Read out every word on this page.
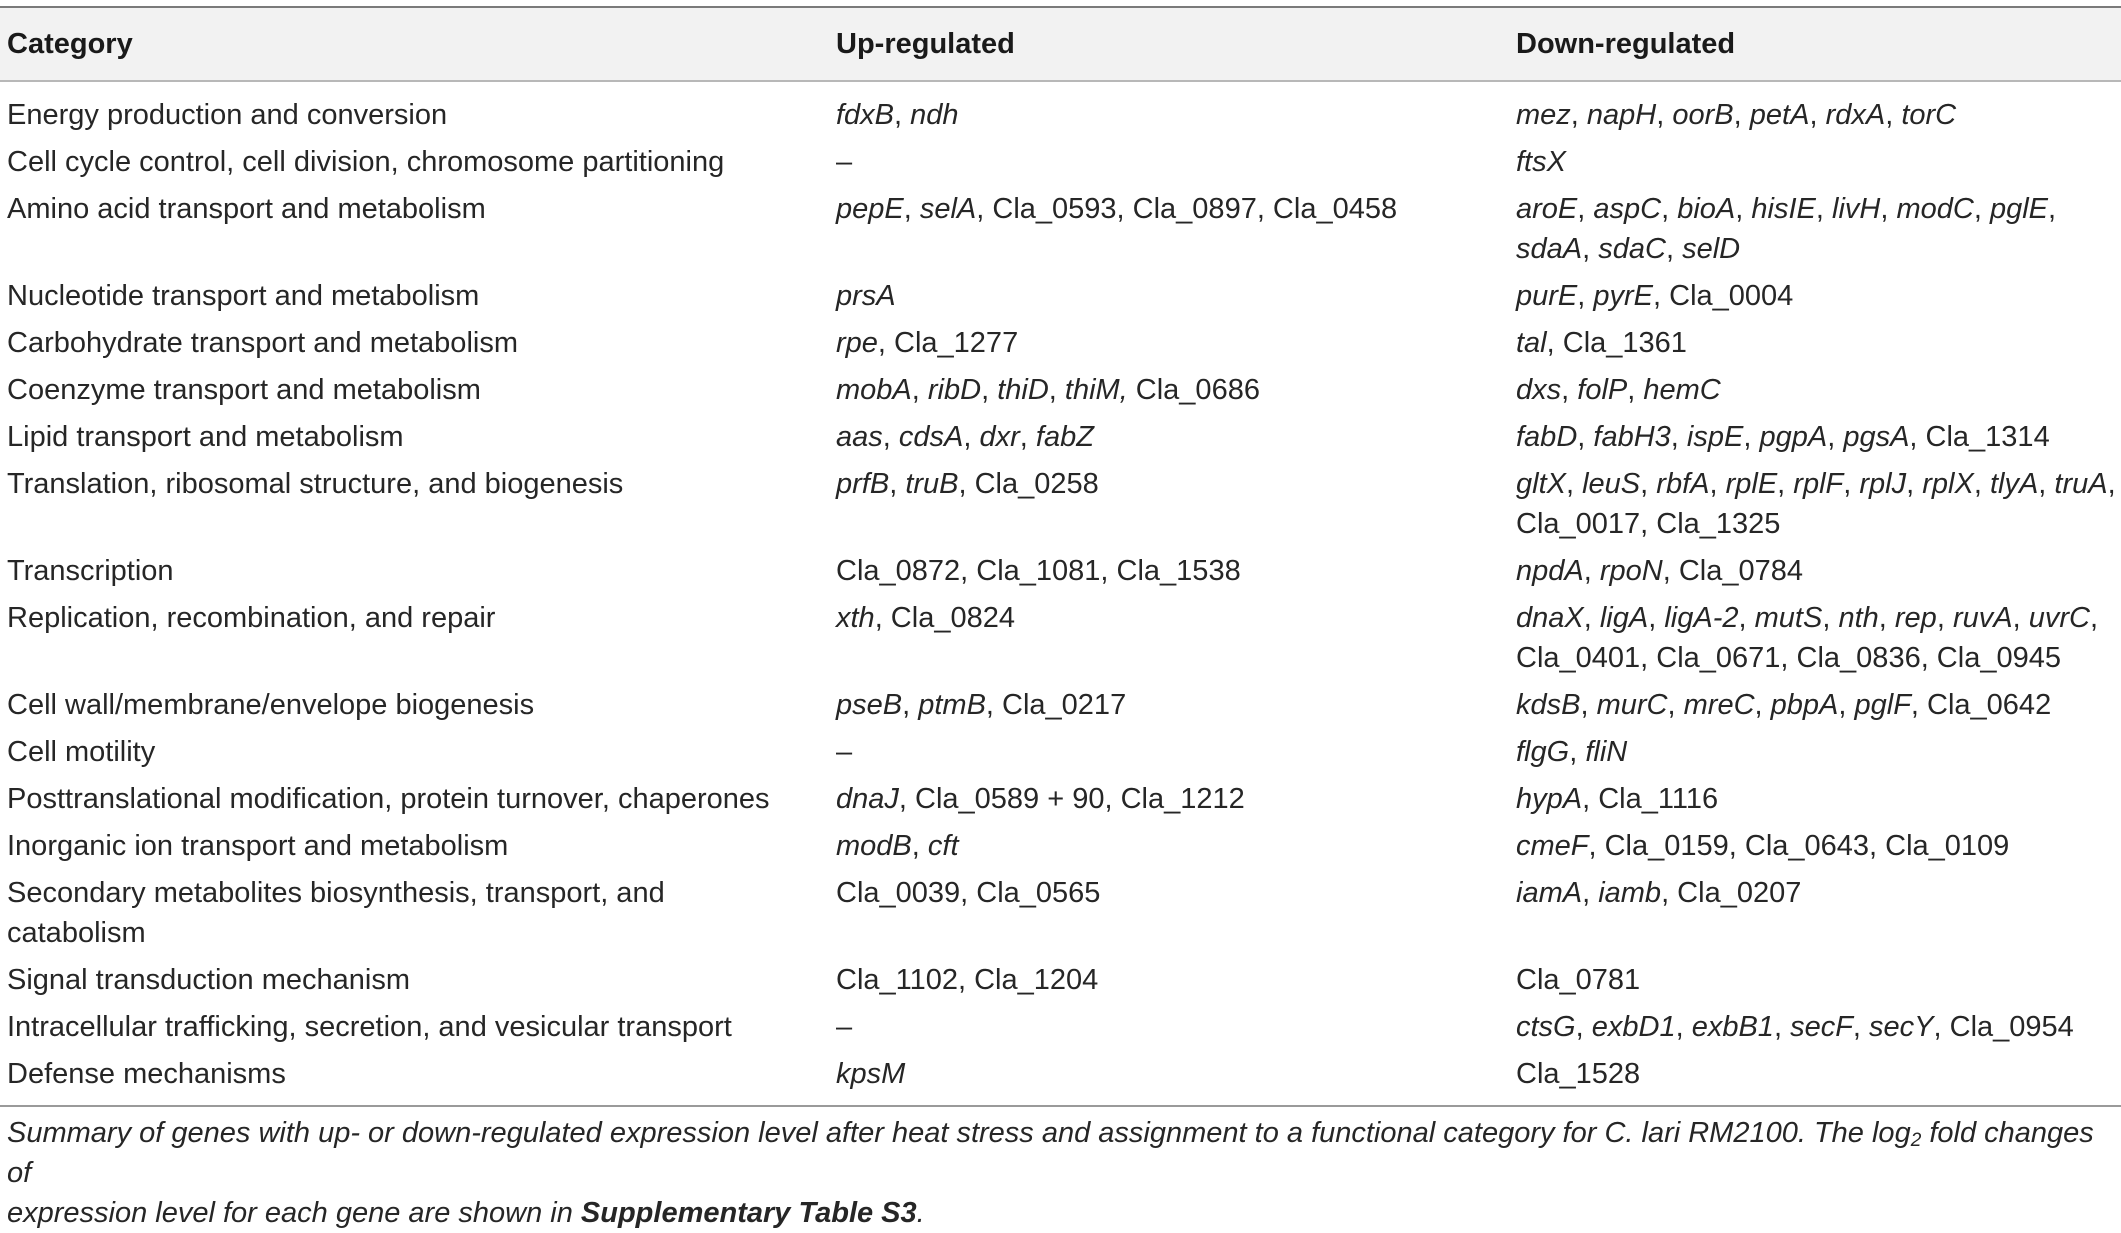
Category	Up-regulated	Down-regulated
Energy production and conversion	fdxB, ndh	mez, napH, oorB, petA, rdxA, torC
Cell cycle control, cell division, chromosome partitioning	–	ftsX
Amino acid transport and metabolism	pepE, selA, Cla_0593, Cla_0897, Cla_0458	aroE, aspC, bioA, hisIE, livH, modC, pglE,
sdaA, sdaC, selD
Nucleotide transport and metabolism	prsA	purE, pyrE, Cla_0004
Carbohydrate transport and metabolism	rpe, Cla_1277	tal, Cla_1361
Coenzyme transport and metabolism	mobA, ribD, thiD, thiM, Cla_0686	dxs, folP, hemC
Lipid transport and metabolism	aas, cdsA, dxr, fabZ	fabD, fabH3, ispE, pgpA, pgsA, Cla_1314
Translation, ribosomal structure, and biogenesis	prfB, truB, Cla_0258	gltX, leuS, rbfA, rplE, rplF, rplJ, rplX, tlyA, truA,
Cla_0017, Cla_1325
Transcription	Cla_0872, Cla_1081, Cla_1538	npdA, rpoN, Cla_0784
Replication, recombination, and repair	xth, Cla_0824	dnaX, ligA, ligA-2, mutS, nth, rep, ruvA, uvrC,
Cla_0401, Cla_0671, Cla_0836, Cla_0945
Cell wall/membrane/envelope biogenesis	pseB, ptmB, Cla_0217	kdsB, murC, mreC, pbpA, pglF, Cla_0642
Cell motility	–	flgG, fliN
Posttranslational modification, protein turnover, chaperones	dnaJ, Cla_0589 + 90, Cla_1212	hypA, Cla_1116
Inorganic ion transport and metabolism	modB, cft	cmeF, Cla_0159, Cla_0643, Cla_0109
Secondary metabolites biosynthesis, transport, and
catabolism
Cla_0039, Cla_0565	iamA, iamb, Cla_0207
Signal transduction mechanism	Cla_1102, Cla_1204	Cla_0781
Intracellular trafficking, secretion, and vesicular transport	–	ctsG, exbD1, exbB1, secF, secY, Cla_0954
Defense mechanisms	kpsM	Cla_1528
Summary of genes with up- or down-regulated expression level after heat stress and assignment to a functional category for C. lari RM2100. The $\log_2$ fold changes of
expression level for each gene are shown in Supplementary Table S3.
